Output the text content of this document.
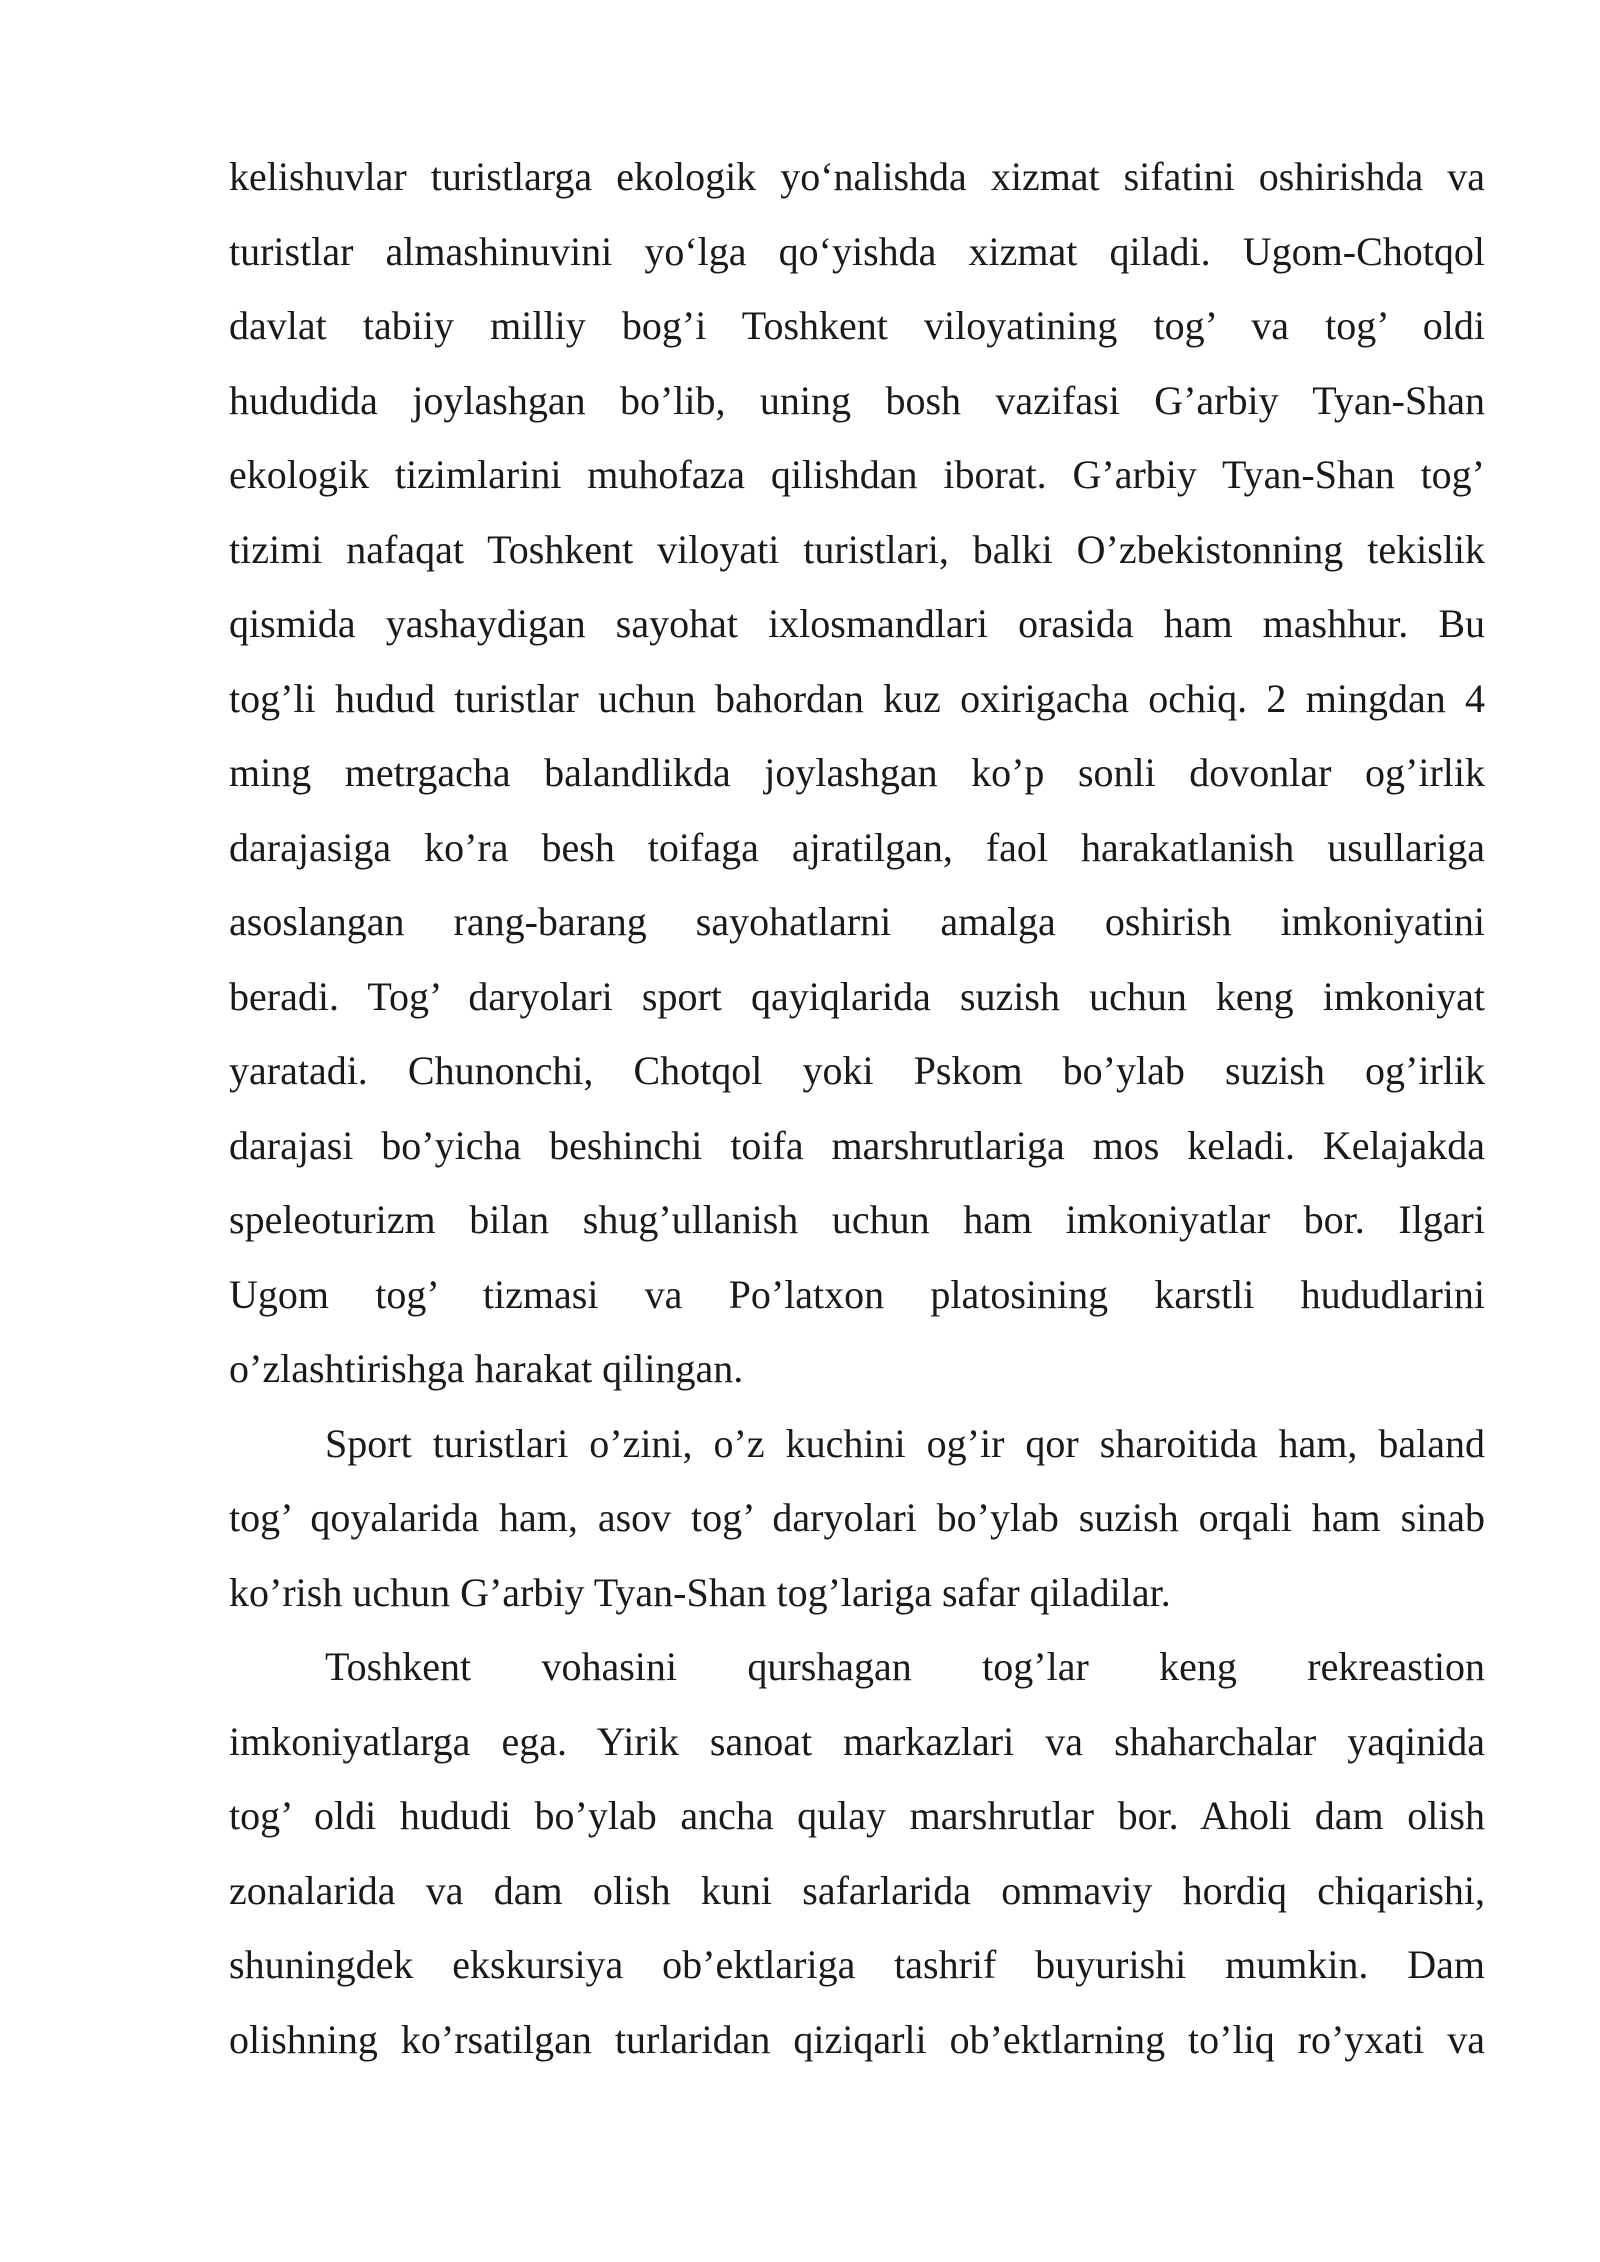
kelishuvlar turistlarga ekologik yo‘nalishda xizmat sifatini oshirishda va
turistlar almashinuvini yo‘lga qo‘yishda xizmat qiladi. Ugom-Chotqol
davlat tabiiy milliy bog’i Toshkent viloyatining tog’ va tog’ oldi
hududida joylashgan bo’lib, uning bosh vazifasi G’arbiy Tyan-Shan
ekologik tizimlarini muhofaza qilishdan iborat. G’arbiy Tyan-Shan tog’
tizimi nafaqat Toshkent viloyati turistlari, balki O’zbekistonning tekislik
qismida yashaydigan sayohat ixlosmandlari orasida ham mashhur. Bu
tog’li hudud turistlar uchun bahordan kuz oxirigacha ochiq. 2 mingdan 4
ming metrgacha balandlikda joylashgan ko’p sonli dovonlar og’irlik
darajasiga ko’ra besh toifaga ajratilgan, faol harakatlanish usullariga
asoslangan rang-barang sayohatlarni amalga oshirish imkoniyatini
beradi. Tog’ daryolari sport qayiqlarida suzish uchun keng imkoniyat
yaratadi. Chunonchi, Chotqol yoki Pskom bo’ylab suzish og’irlik
darajasi bo’yicha beshinchi toifa marshrutlariga mos keladi. Kelajakda
speleoturizm bilan shug’ullanish uchun ham imkoniyatlar bor. Ilgari
Ugom tog’ tizmasi va Po’latxon platosining karstli hududlarini
o’zlashtirishga harakat qilingan.
Sport turistlari o’zini, o’z kuchini og’ir qor sharoitida ham, baland
tog’ qoyalarida ham, asov tog’ daryolari bo’ylab suzish orqali ham sinab
ko’rish uchun G’arbiy Tyan-Shan tog’lariga safar qiladilar.
Toshkent vohasini qurshagan tog’lar keng rekreastion
imkoniyatlarga ega. Yirik sanoat markazlari va shaharchalar yaqinida
tog’ oldi hududi bo’ylab ancha qulay marshrutlar bor. Aholi dam olish
zonalarida va dam olish kuni safarlarida ommaviy hordiq chiqarishi,
shuningdek ekskursiya ob’ektlariga tashrif buyurishi mumkin. Dam
olishning ko’rsatilgan turlaridan qiziqarli ob’ektlarning to’liq ro’yxati va
